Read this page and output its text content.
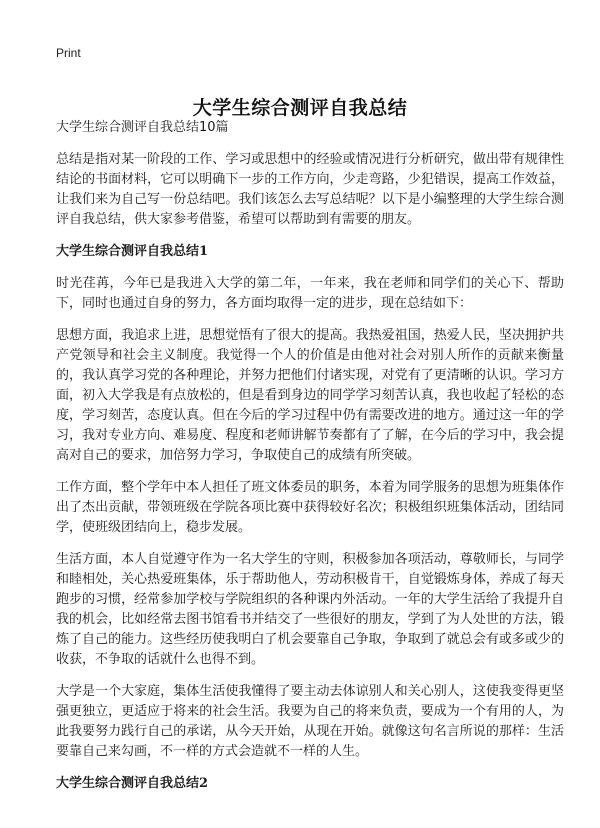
Print
大学生综合测评自我总结
大学生综合测评自我总结10篇

总结是指对某一阶段的工作、学习或思想中的经验或情况进行分析研究，做出带有规律性结论的书面材料，它可以明确下一步的工作方向，少走弯路，少犯错误，提高工作效益，让我们来为自己写一份总结吧。我们该怎么去写总结呢？以下是小编整理的大学生综合测评自我总结，供大家参考借鉴，希望可以帮助到有需要的朋友。

大学生综合测评自我总结1

时光荏苒，今年已是我进入大学的第二年，一年来，我在老师和同学们的关心下、帮助下，同时也通过自身的努力，各方面均取得一定的进步，现在总结如下：

思想方面，我追求上进，思想觉悟有了很大的提高。我热爱祖国，热爱人民，坚决拥护共产党领导和社会主义制度。我觉得一个人的价值是由他对社会对别人所作的贡献来衡量的，我认真学习党的各种理论，并努力把他们付诸实现，对党有了更清晰的认识。学习方面，初入大学我是有点放松的，但是看到身边的同学学习刻苦认真，我也收起了轻松的态度，学习刻苦，态度认真。但在今后的学习过程中仍有需要改进的地方。通过这一年的学习，我对专业方向、难易度、程度和老师讲解节奏都有了了解，在今后的学习中，我会提高对自己的要求，加倍努力学习，争取使自己的成绩有所突破。

工作方面，整个学年中本人担任了班文体委员的职务，本着为同学服务的思想为班集体作出了杰出贡献，带领班级在学院各项比赛中获得较好名次；积极组织班集体活动，团结同学，使班级团结向上，稳步发展。

生活方面，本人自觉遵守作为一名大学生的守则，积极参加各项活动，尊敬师长，与同学和睦相处，关心热爱班集体，乐于帮助他人，劳动积极肯干，自觉锻炼身体，养成了每天跑步的习惯，经常参加学校与学院组织的各种课内外活动。一年的大学生活给了我提升自我的机会，比如经常去图书馆看书并结交了一些很好的朋友，学到了为人处世的方法，锻炼了自己的能力。这些经历使我明白了机会要靠自己争取，争取到了就总会有或多或少的收获，不争取的话就什么也得不到。

大学是一个大家庭，集体生活使我懂得了要主动去体谅别人和关心别人，这使我变得更坚强更独立，更适应于将来的社会生活。我要为自己的将来负责，要成为一个有用的人，为此我要努力践行自己的承诺，从今天开始，从现在开始。就像这句名言所说的那样：生活要靠自己来勾画，不一样的方式会造就不一样的人生。

大学生综合测评自我总结2
